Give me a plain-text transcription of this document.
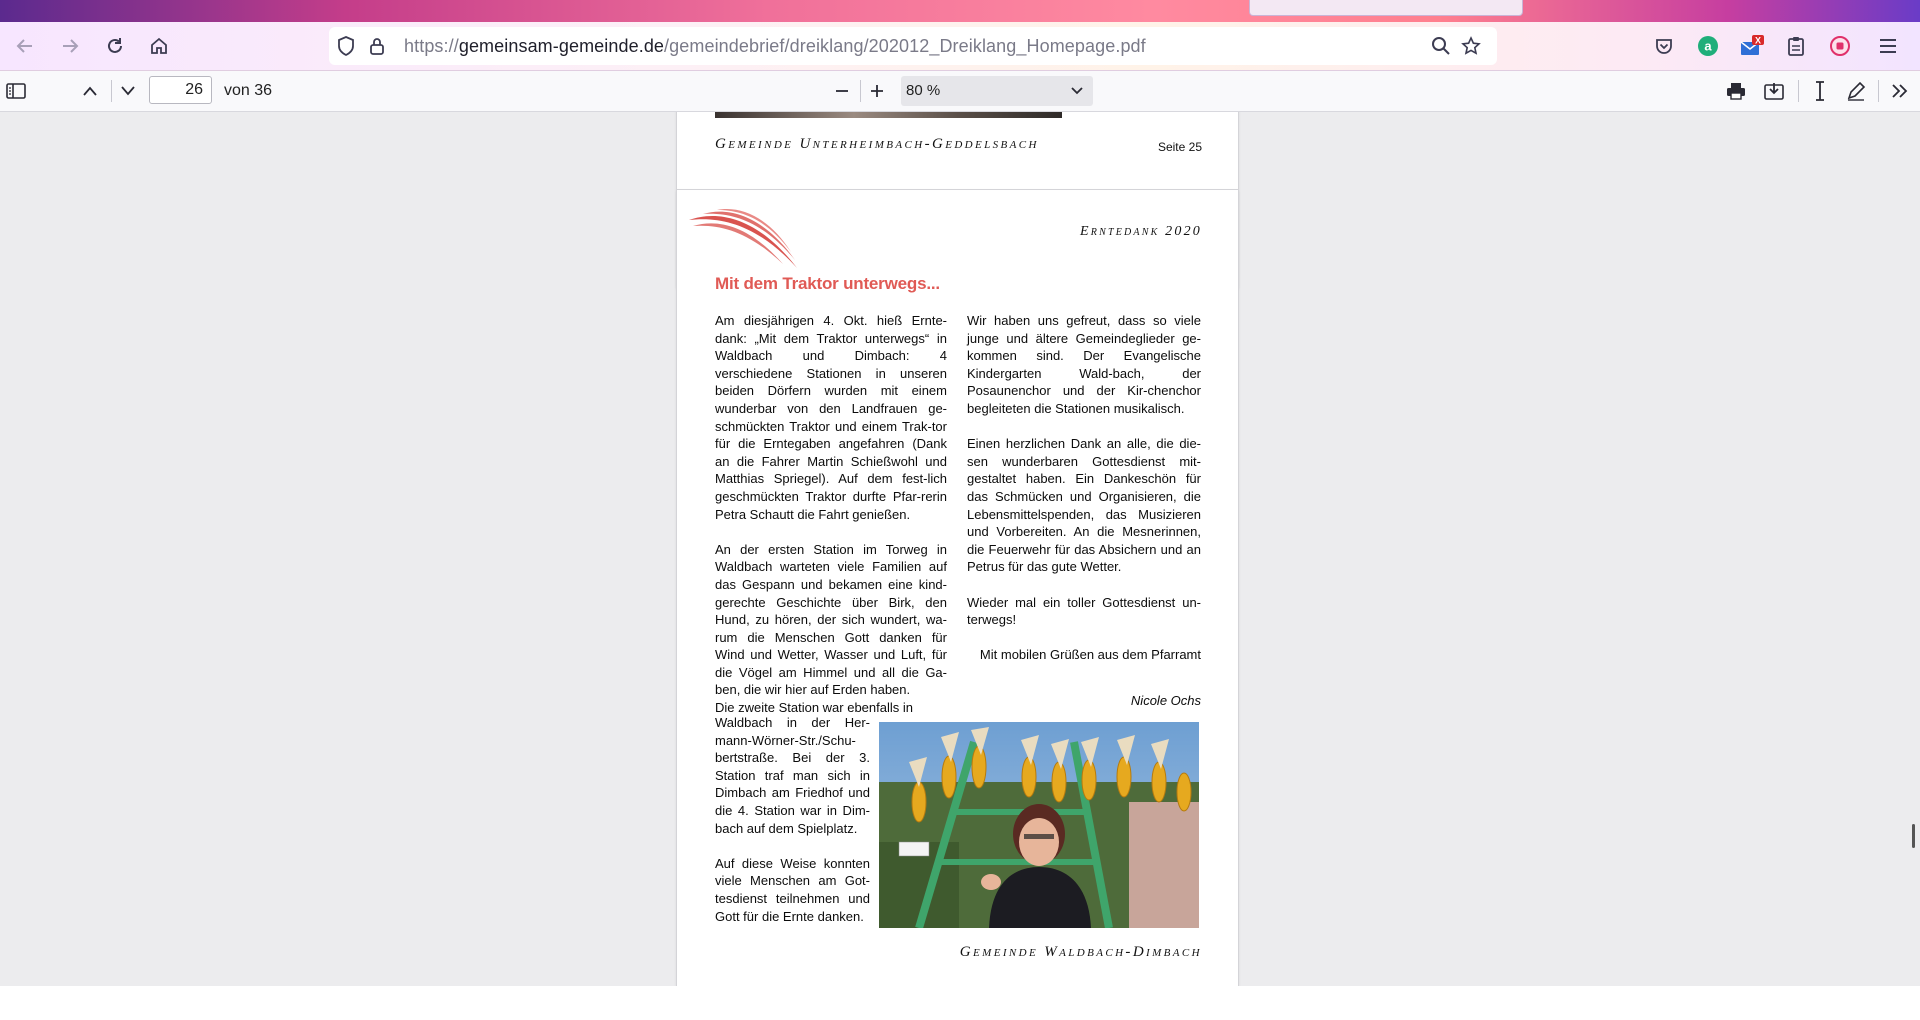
https://gemeinsam-gemeinde.de/gemeindebrief/dreiklang/202012_Dreiklang_Homepage.pdf	a	X
26
von 36	80 %
Gemeinde Unterheimbach-Geddelsbach	Seite 25
Erntedank 2020
Mit dem Traktor unterwegs...

Am diesjährigen 4. Okt. hieß Ernte-dank: „Mit dem Traktor unterwegs“ in Waldbach und Dimbach: 4 verschiedene Stationen in unseren beiden Dörfern wurden mit einem wunderbar von den Landfrauen ge-schmückten Traktor und einem Trak-tor für die Erntegaben angefahren (Dank an die Fahrer Martin Schießwohl und Matthias Spriegel). Auf dem fest-lich geschmückten Traktor durfte Pfar-rerin Petra Schautt die Fahrt genießen.

An der ersten Station im Torweg in Waldbach warteten viele Familien auf das Gespann und bekamen eine kind-gerechte Geschichte über Birk, den Hund, zu hören, der sich wundert, wa-rum die Menschen Gott danken für Wind und Wetter, Wasser und Luft, für die Vögel am Himmel und all die Ga-ben, die wir hier auf Erden haben.

Die zweite Station war ebenfalls in

Waldbach in der Her-mann-Wörner-Str./Schu-bertstraße. Bei der 3. Station traf man sich in Dimbach am Friedhof und die 4. Station war in Dim-bach auf dem Spielplatz.

Auf diese Weise konnten viele Menschen am Got-tesdienst teilnehmen und Gott für die Ernte danken.

Wir haben uns gefreut, dass so viele junge und ältere Gemeindeglieder ge-kommen sind. Der Evangelische Kindergarten Wald-bach, der Posaunenchor und der Kir-chenchor begleiteten die Stationen musikalisch.

Einen herzlichen Dank an alle, die die-sen wunderbaren Gottesdienst mit-gestaltet haben. Ein Dankeschön für das Schmücken und Organisieren, die Lebensmittelspenden, das Musizieren und Vorbereiten. An die Mesnerinnen, die Feuerwehr für das Absichern und an Petrus für das gute Wetter.

Wieder mal ein toller Gottesdienst un-terwegs!

Mit mobilen Grüßen aus dem Pfarramt

Nicole Ochs
Gemeinde Waldbach-Dimbach
